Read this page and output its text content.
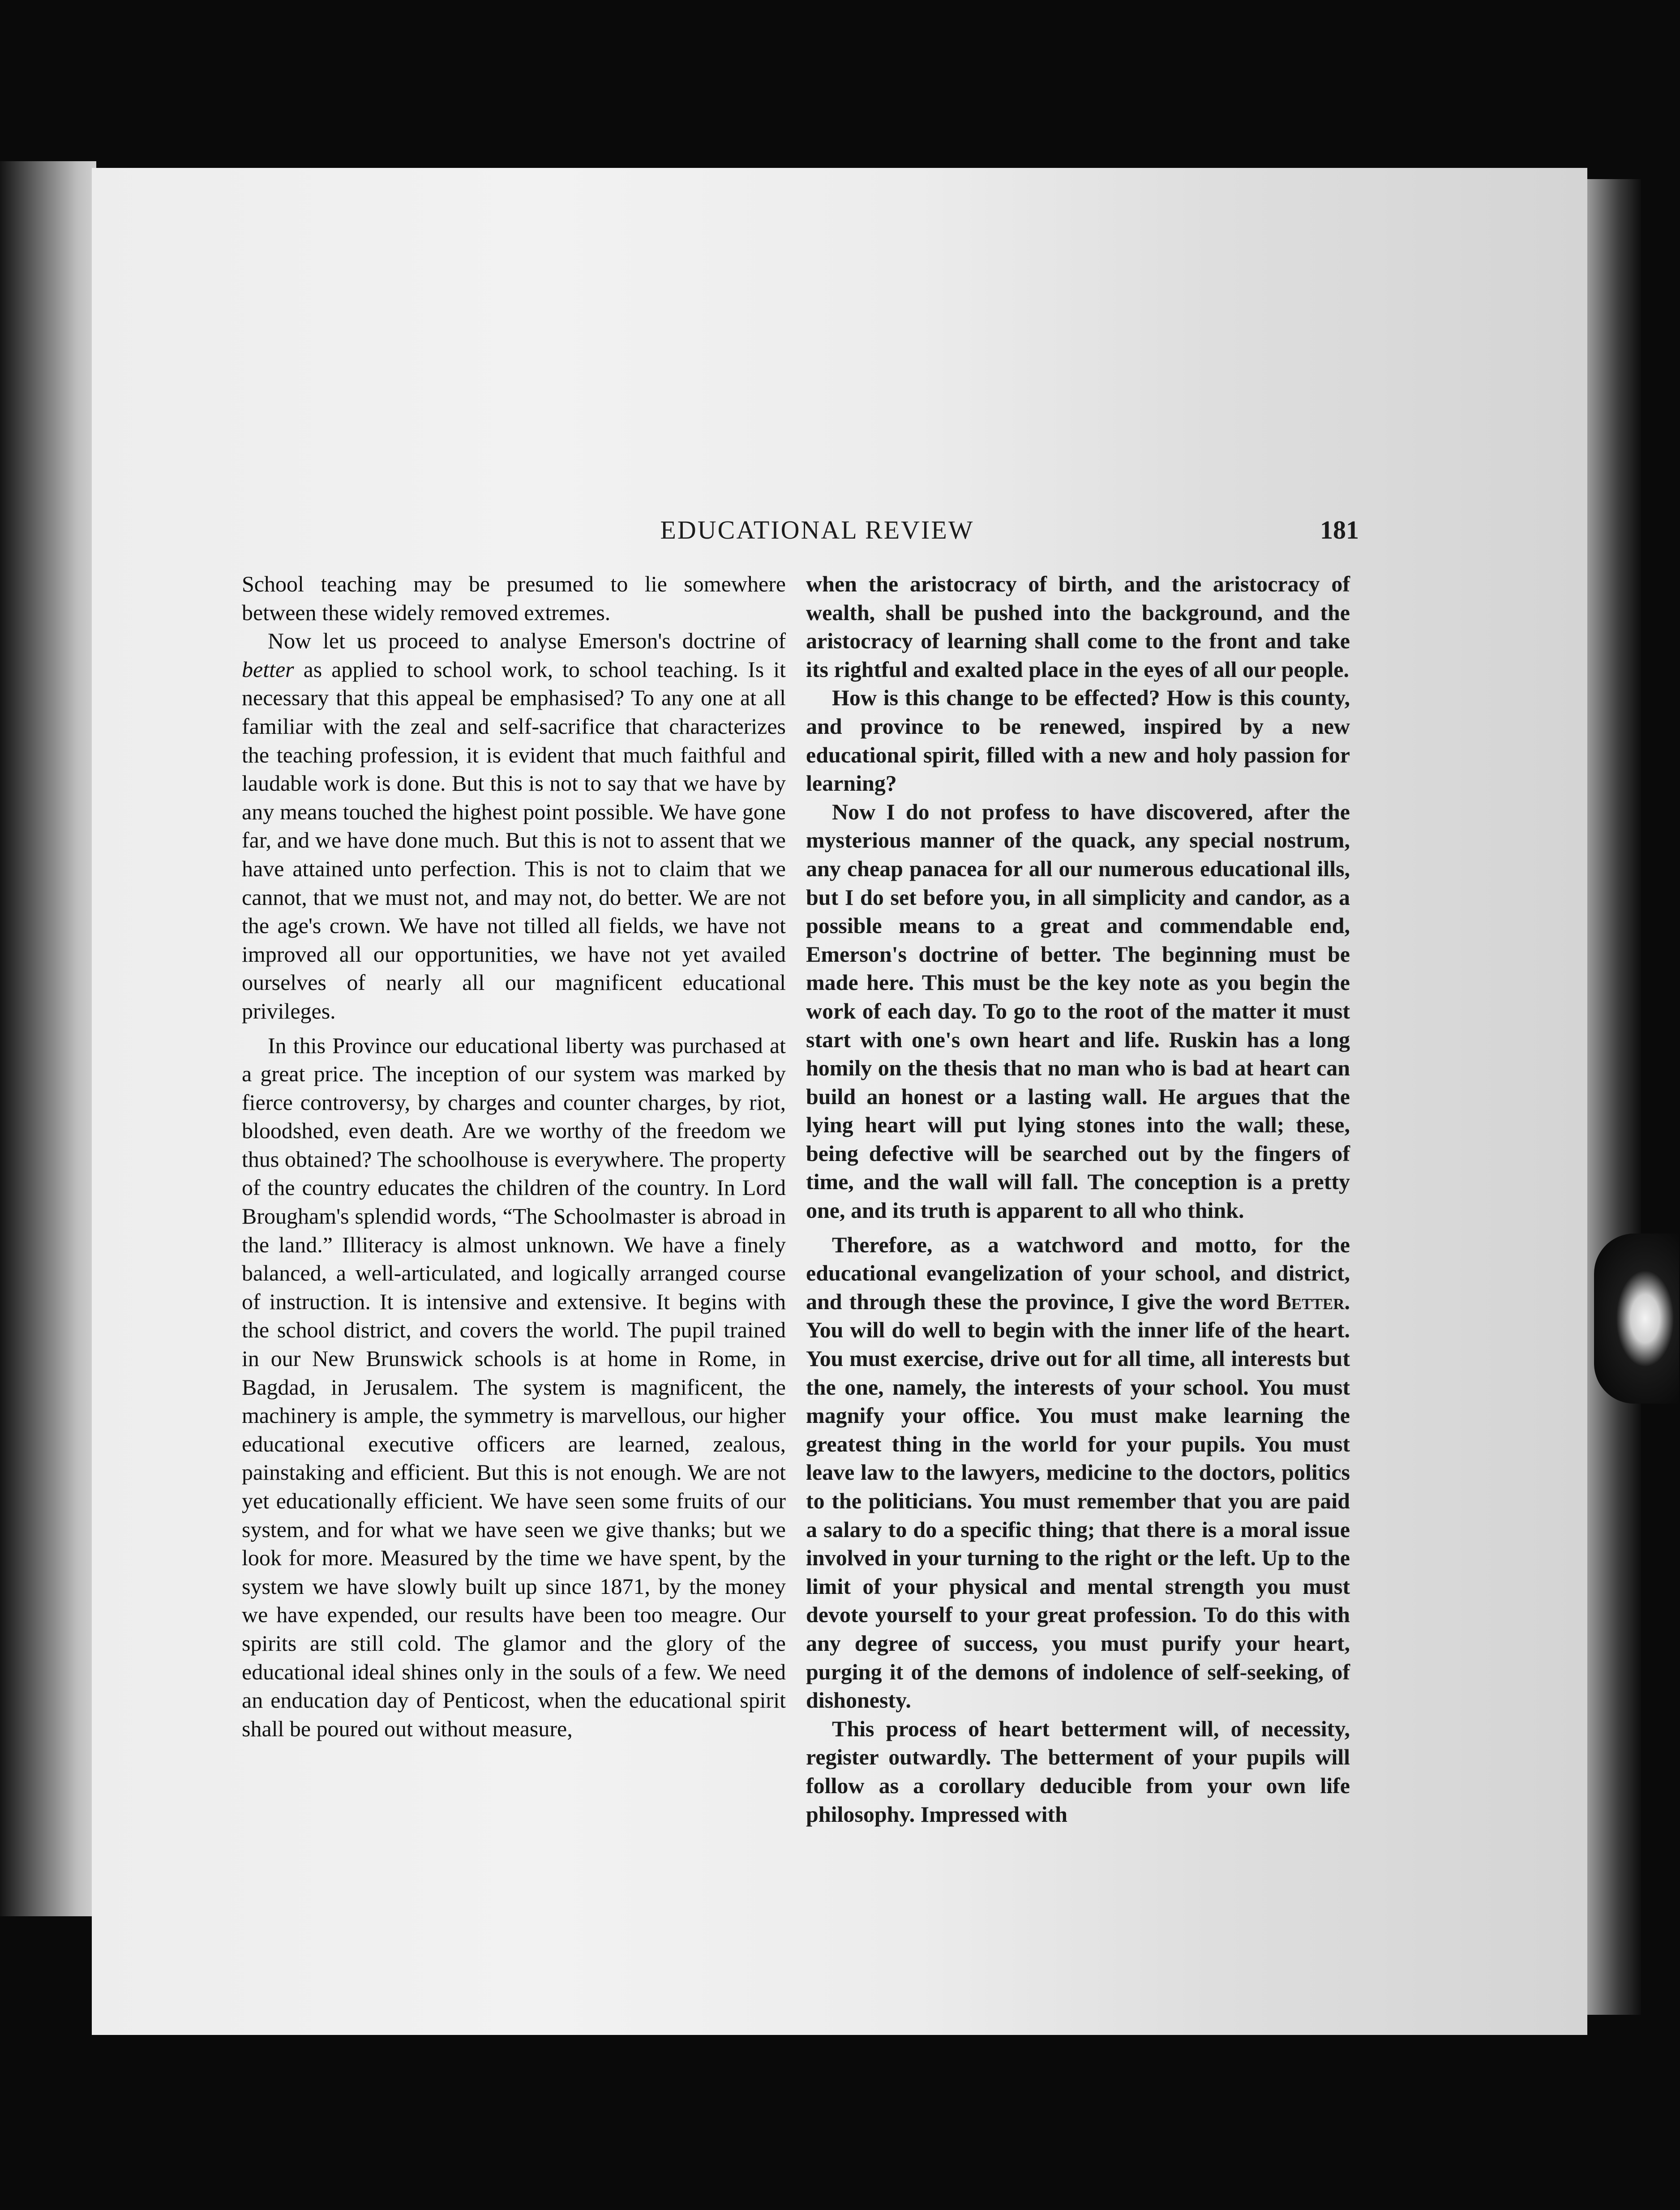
EDUCATIONAL REVIEW	181

School teaching may be presumed to lie somewhere between these widely removed extremes.

Now let us proceed to analyse Emerson's doctrine of better as applied to school work, to school teaching. Is it necessary that this appeal be emphasised? To any one at all familiar with the zeal and self-sacrifice that characterizes the teaching profession, it is evident that much faithful and laudable work is done. But this is not to say that we have by any means touched the highest point possible. We have gone far, and we have done much. But this is not to assent that we have attained unto perfection. This is not to claim that we cannot, that we must not, and may not, do better. We are not the age's crown. We have not tilled all fields, we have not improved all our opportunities, we have not yet availed ourselves of nearly all our magnificent educational privileges.

In this Province our educational liberty was purchased at a great price. The inception of our system was marked by fierce controversy, by charges and counter charges, by riot, bloodshed, even death. Are we worthy of the freedom we thus obtained? The schoolhouse is everywhere. The property of the country educates the children of the country. In Lord Brougham's splendid words, “The Schoolmaster is abroad in the land.” Illiteracy is almost unknown. We have a finely balanced, a well-articulated, and logically arranged course of instruction. It is intensive and extensive. It begins with the school district, and covers the world. The pupil trained in our New Brunswick schools is at home in Rome, in Bagdad, in Jerusalem. The system is magnificent, the machinery is ample, the symmetry is marvellous, our higher educational executive officers are learned, zealous, painstaking and efficient. But this is not enough. We are not yet educationally efficient. We have seen some fruits of our system, and for what we have seen we give thanks; but we look for more. Measured by the time we have spent, by the system we have slowly built up since 1871, by the money we have expended, our results have been too meagre. Our spirits are still cold. The glamor and the glory of the educational ideal shines only in the souls of a few. We need an enducation day of Penticost, when the educational spirit shall be poured out without measure,

when the aristocracy of birth, and the aristocracy of wealth, shall be pushed into the background, and the aristocracy of learning shall come to the front and take its rightful and exalted place in the eyes of all our people.

How is this change to be effected? How is this county, and province to be renewed, inspired by a new educational spirit, filled with a new and holy passion for learning?

Now I do not profess to have discovered, after the mysterious manner of the quack, any special nostrum, any cheap panacea for all our numerous educational ills, but I do set before you, in all simplicity and candor, as a possible means to a great and commendable end, Emerson's doctrine of better. The beginning must be made here. This must be the key note as you begin the work of each day. To go to the root of the matter it must start with one's own heart and life. Ruskin has a long homily on the thesis that no man who is bad at heart can build an honest or a lasting wall. He argues that the lying heart will put lying stones into the wall; these, being defective will be searched out by the fingers of time, and the wall will fall. The conception is a pretty one, and its truth is apparent to all who think.

Therefore, as a watchword and motto, for the educational evangelization of your school, and district, and through these the province, I give the word Better. You will do well to begin with the inner life of the heart. You must exercise, drive out for all time, all interests but the one, namely, the interests of your school. You must magnify your office. You must make learning the greatest thing in the world for your pupils. You must leave law to the lawyers, medicine to the doctors, politics to the politicians. You must remember that you are paid a salary to do a specific thing; that there is a moral issue involved in your turning to the right or the left. Up to the limit of your physical and mental strength you must devote yourself to your great profession. To do this with any degree of success, you must purify your heart, purging it of the demons of indolence of self-seeking, of dishonesty.

This process of heart betterment will, of necessity, register outwardly. The betterment of your pupils will follow as a corollary deducible from your own life philosophy. Impressed with
